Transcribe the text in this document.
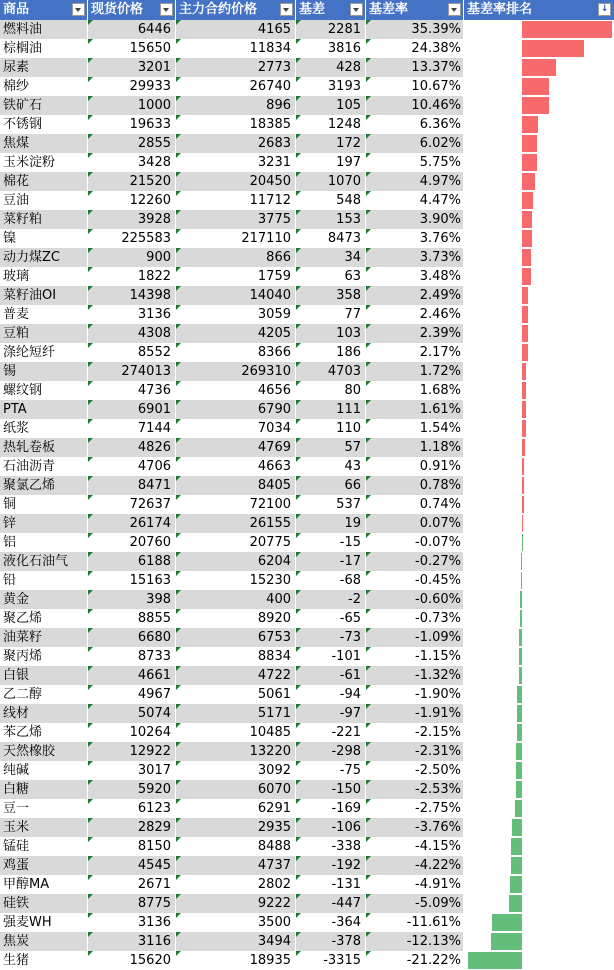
商品	现货价格	主力合约价格	基差	基差率	基差率排名	↓
燃料油	6446	4165	2281	35.39%
棕榈油	15650	11834	3816	24.38%
尿素	3201	2773	428	13.37%
棉纱	29933	26740	3193	10.67%
铁矿石	1000	896	105	10.46%
不锈钢	19633	18385	1248	6.36%
焦煤	2855	2683	172	6.02%
玉米淀粉	3428	3231	197	5.75%
棉花	21520	20450	1070	4.97%
豆油	12260	11712	548	4.47%
菜籽粕	3928	3775	153	3.90%
镍	225583	217110	8473	3.76%
动力煤ZC	900	866	34	3.73%
玻璃	1822	1759	63	3.48%
菜籽油OI	14398	14040	358	2.49%
普麦	3136	3059	77	2.46%
豆粕	4308	4205	103	2.39%
涤纶短纤	8552	8366	186	2.17%
锡	274013	269310	4703	1.72%
螺纹钢	4736	4656	80	1.68%
PTA	6901	6790	111	1.61%
纸浆	7144	7034	110	1.54%
热轧卷板	4826	4769	57	1.18%
石油沥青	4706	4663	43	0.91%
聚氯乙烯	8471	8405	66	0.78%
铜	72637	72100	537	0.74%
锌	26174	26155	19	0.07%
铝	20760	20775	-15	-0.07%
液化石油气	6188	6204	-17	-0.27%
铅	15163	15230	-68	-0.45%
黄金	398	400	-2	-0.60%
聚乙烯	8855	8920	-65	-0.73%
油菜籽	6680	6753	-73	-1.09%
聚丙烯	8733	8834	-101	-1.15%
白银	4661	4722	-61	-1.32%
乙二醇	4967	5061	-94	-1.90%
线材	5074	5171	-97	-1.91%
苯乙烯	10264	10485	-221	-2.15%
天然橡胶	12922	13220	-298	-2.31%
纯碱	3017	3092	-75	-2.50%
白糖	5920	6070	-150	-2.53%
豆一	6123	6291	-169	-2.75%
玉米	2829	2935	-106	-3.76%
锰硅	8150	8488	-338	-4.15%
鸡蛋	4545	4737	-192	-4.22%
甲醇MA	2671	2802	-131	-4.91%
硅铁	8775	9222	-447	-5.09%
强麦WH	3136	3500	-364	-11.61%
焦炭	3116	3494	-378	-12.13%
生猪	15620	18935	-3315	-21.22%
